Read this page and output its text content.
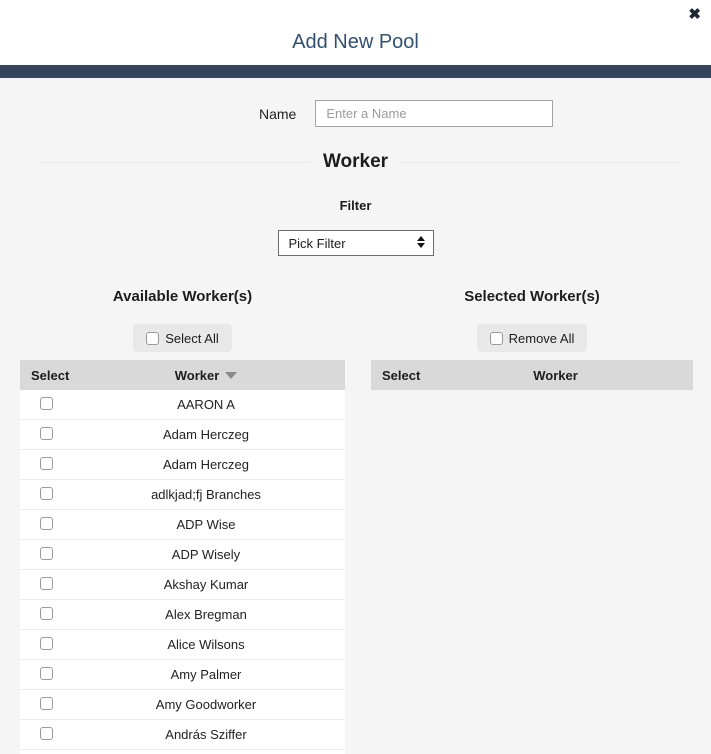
✖
Add New Pool
Name
Enter a Name
Worker
Filter
Pick Filter
Available Worker(s)
Select All
Select	Worker
AARON A
Adam Herczeg
Adam Herczeg
adlkjad;fj Branches
ADP Wise
ADP Wisely
Akshay Kumar
Alex Bregman
Alice Wilsons
Amy Palmer
Amy Goodworker
András Sziffer
Selected Worker(s)
Remove All
Select	Worker
